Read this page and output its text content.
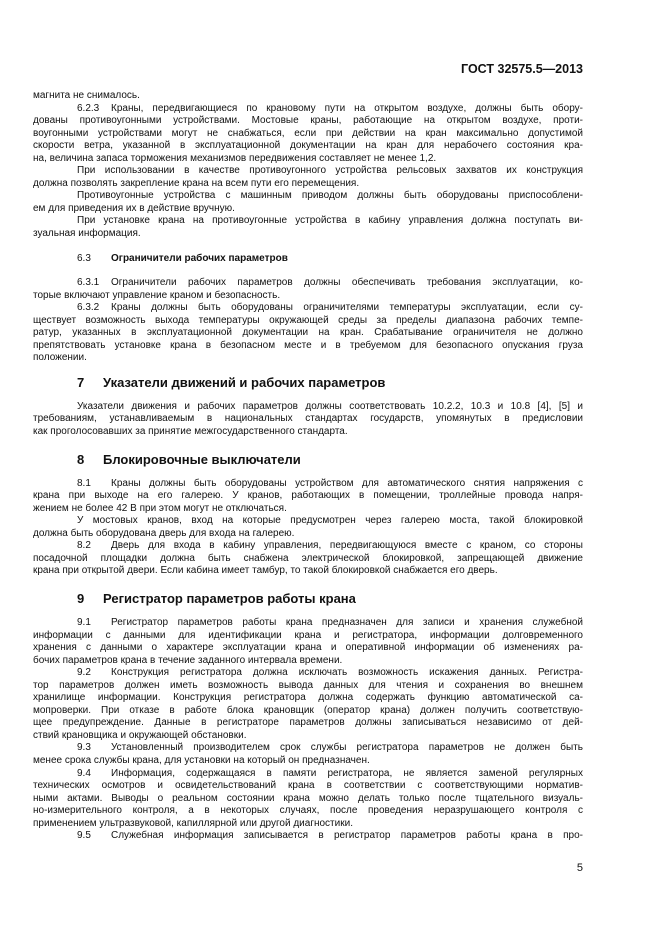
ГОСТ 32575.5—2013
магнита не снималось.
6.2.3 Краны, передвигающиеся по крановому пути на открытом воздухе, должны быть обору-
дованы противоугонными устройствами. Мостовые краны, работающие на открытом воздухе, проти-
воугонными устройствами могут не снабжаться, если при действии на кран максимально допустимой
скорости ветра, указанной в эксплуатационной документации на кран для нерабочего состояния кра-
на, величина запаса торможения механизмов передвижения составляет не менее 1,2.
При использовании в качестве противоугонного устройства рельсовых захватов их конструкция
должна позволять закрепление крана на всем пути его перемещения.
Противоугонные устройства с машинным приводом должны быть оборудованы приспособлени-
ем для приведения их в действие вручную.
При установке крана на противоугонные устройства в кабину управления должна поступать ви-
зуальная информация.
6.3 Ограничители рабочих параметров
6.3.1 Ограничители рабочих параметров должны обеспечивать требования эксплуатации, ко-
торые включают управление краном и безопасность.
6.3.2 Краны должны быть оборудованы ограничителями температуры эксплуатации, если су-
ществует возможность выхода температуры окружающей среды за пределы диапазона рабочих темпе-
ратур, указанных в эксплуатационной документации на кран. Срабатывание ограничителя не должно
препятствовать установке крана в безопасном месте и в требуемом для безопасного опускания груза
положении.
7 Указатели движений и рабочих параметров
Указатели движения и рабочих параметров должны соответствовать 10.2.2, 10.3 и 10.8 [4], [5] и
требованиям, устанавливаемым в национальных стандартах государств, упомянутых в предисловии
как проголосовавших за принятие межгосударственного стандарта.
8 Блокировочные выключатели
8.1 Краны должны быть оборудованы устройством для автоматического снятия напряжения с
крана при выходе на его галерею. У кранов, работающих в помещении, троллейные провода напря-
жением не более 42 В при этом могут не отключаться.
У мостовых кранов, вход на которые предусмотрен через галерею моста, такой блокировкой
должна быть оборудована дверь для входа на галерею.
8.2 Дверь для входа в кабину управления, передвигающуюся вместе с краном, со стороны
посадочной площадки должна быть снабжена электрической блокировкой, запрещающей движение
крана при открытой двери. Если кабина имеет тамбур, то такой блокировкой снабжается его дверь.
9 Регистратор параметров работы крана
9.1 Регистратор параметров работы крана предназначен для записи и хранения служебной
информации с данными для идентификации крана и регистратора, информации долговременного
хранения с данными о характере эксплуатации крана и оперативной информации об изменениях ра-
бочих параметров крана в течение заданного интервала времени.
9.2 Конструкция регистратора должна исключать возможность искажения данных. Регистра-
тор параметров должен иметь возможность вывода данных для чтения и сохранения во внешнем
хранилище информации. Конструкция регистратора должна содержать функцию автоматической са-
мопроверки. При отказе в работе блока крановщик (оператор крана) должен получить соответствую-
щее предупреждение. Данные в регистраторе параметров должны записываться независимо от дей-
ствий крановщика и окружающей обстановки.
9.3 Установленный производителем срок службы регистратора параметров не должен быть
менее срока службы крана, для установки на который он предназначен.
9.4 Информация, содержащаяся в памяти регистратора, не является заменой регулярных
технических осмотров и освидетельствований крана в соответствии с соответствующими норматив-
ными актами. Выводы о реальном состоянии крана можно делать только после тщательного визуаль-
но-измерительного контроля, а в некоторых случаях, после проведения неразрушающего контроля с
применением ультразвуковой, капиллярной или другой диагностики.
9.5 Служебная информация записывается в регистратор параметров работы крана в про-
5
